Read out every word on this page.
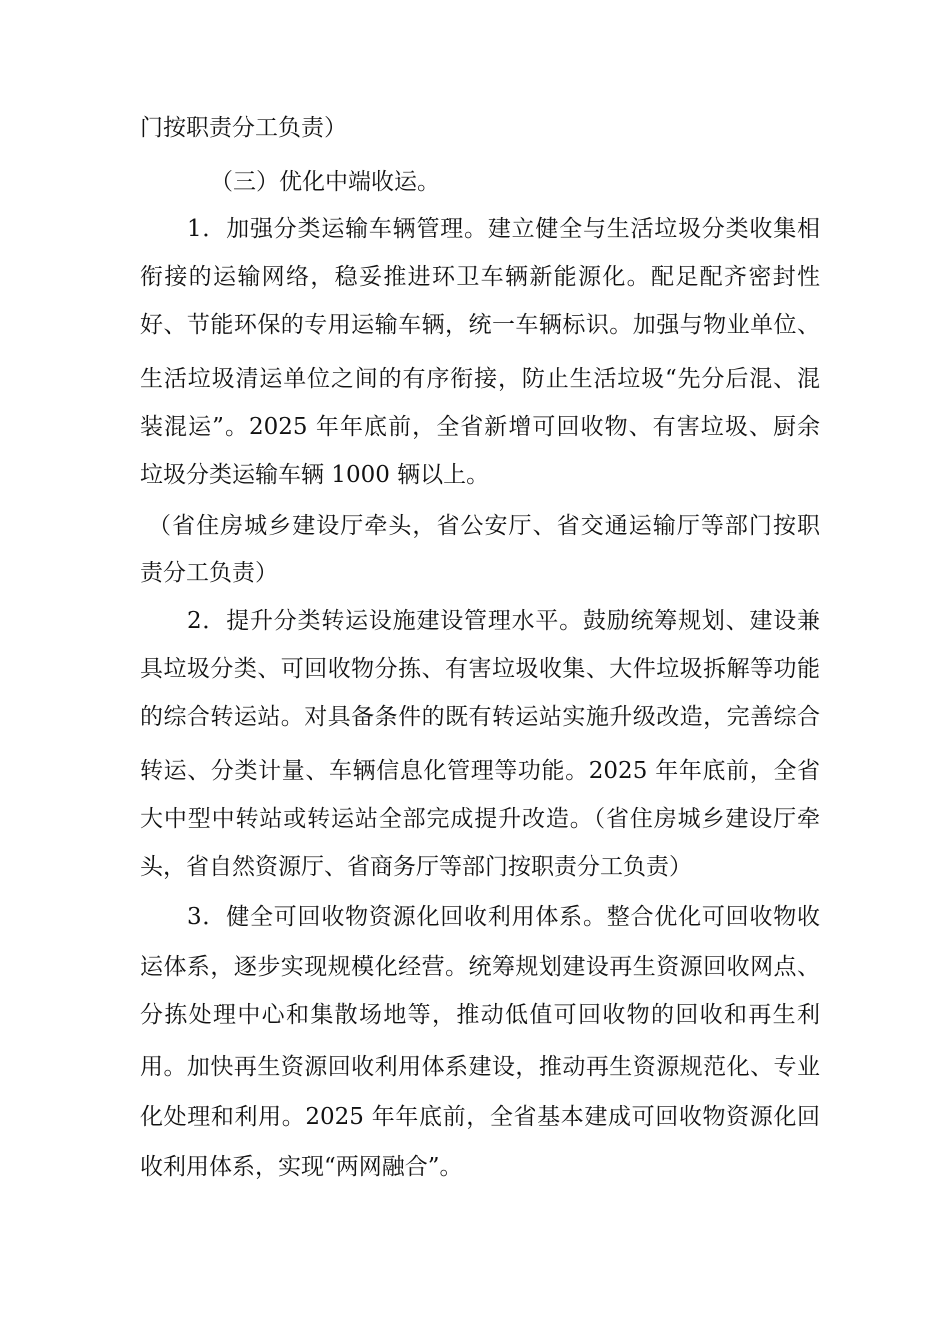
门按职责分工负责）
（三）优化中端收运。
1．加强分类运输车辆管理。建立健全与生活垃圾分类收集相
衔接的运输网络，稳妥推进环卫车辆新能源化。配足配齐密封性
好、节能环保的专用运输车辆，统一车辆标识。加强与物业单位、
生活垃圾清运单位之间的有序衔接，防止生活垃圾“先分后混、混
装混运”。2025 年年底前，全省新增可回收物、有害垃圾、厨余
垃圾分类运输车辆 1000 辆以上。
（省住房城乡建设厅牵头，省公安厅、省交通运输厅等部门按职
责分工负责）
2．提升分类转运设施建设管理水平。鼓励统筹规划、建设兼
具垃圾分类、可回收物分拣、有害垃圾收集、大件垃圾拆解等功能
的综合转运站。对具备条件的既有转运站实施升级改造，完善综合
转运、分类计量、车辆信息化管理等功能。2025 年年底前，全省
大中型中转站或转运站全部完成提升改造。（省住房城乡建设厅牵
头，省自然资源厅、省商务厅等部门按职责分工负责）
3．健全可回收物资源化回收利用体系。整合优化可回收物收
运体系，逐步实现规模化经营。统筹规划建设再生资源回收网点、
分拣处理中心和集散场地等，推动低值可回收物的回收和再生利
用。加快再生资源回收利用体系建设，推动再生资源规范化、专业
化处理和利用。2025 年年底前，全省基本建成可回收物资源化回
收利用体系，实现“两网融合”。
